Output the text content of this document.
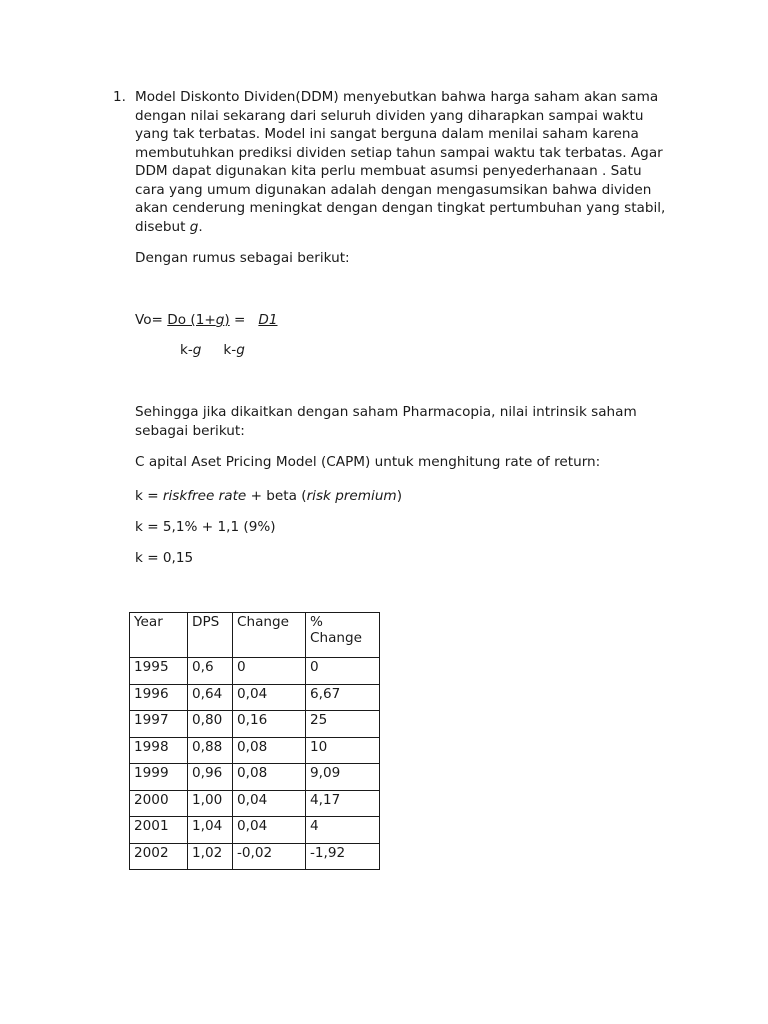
1. Model Diskonto Dividen(DDM) menyebutkan bahwa harga saham akan sama
dengan nilai sekarang dari seluruh dividen yang diharapkan sampai waktu
yang tak terbatas. Model ini sangat berguna dalam menilai saham karena
membutuhkan prediksi dividen setiap tahun sampai waktu tak terbatas. Agar
DDM dapat digunakan kita perlu membuat asumsi penyederhanaan . Satu
cara yang umum digunakan adalah dengan mengasumsikan bahwa dividen
akan cenderung meningkat dengan dengan tingkat pertumbuhan yang stabil,
disebut g.

Dengan rumus sebagai berikut:

Vo= Do (1+g) = D1

k-g k-g

Sehingga jika dikaitkan dengan saham Pharmacopia, nilai intrinsik saham

sebagai berikut:

C apital Aset Pricing Model (CAPM) untuk menghitung rate of return:

k = riskfree rate + beta (risk premium)

k = 5,1% + 1,1 (9%)

k = 0,15

Year	DPS	Change	% Change
1995	0,6	0	0
1996	0,64	0,04	6,67
1997	0,80	0,16	25
1998	0,88	0,08	10
1999	0,96	0,08	9,09
2000	1,00	0,04	4,17
2001	1,04	0,04	4
2002	1,02	-0,02	-1,92
